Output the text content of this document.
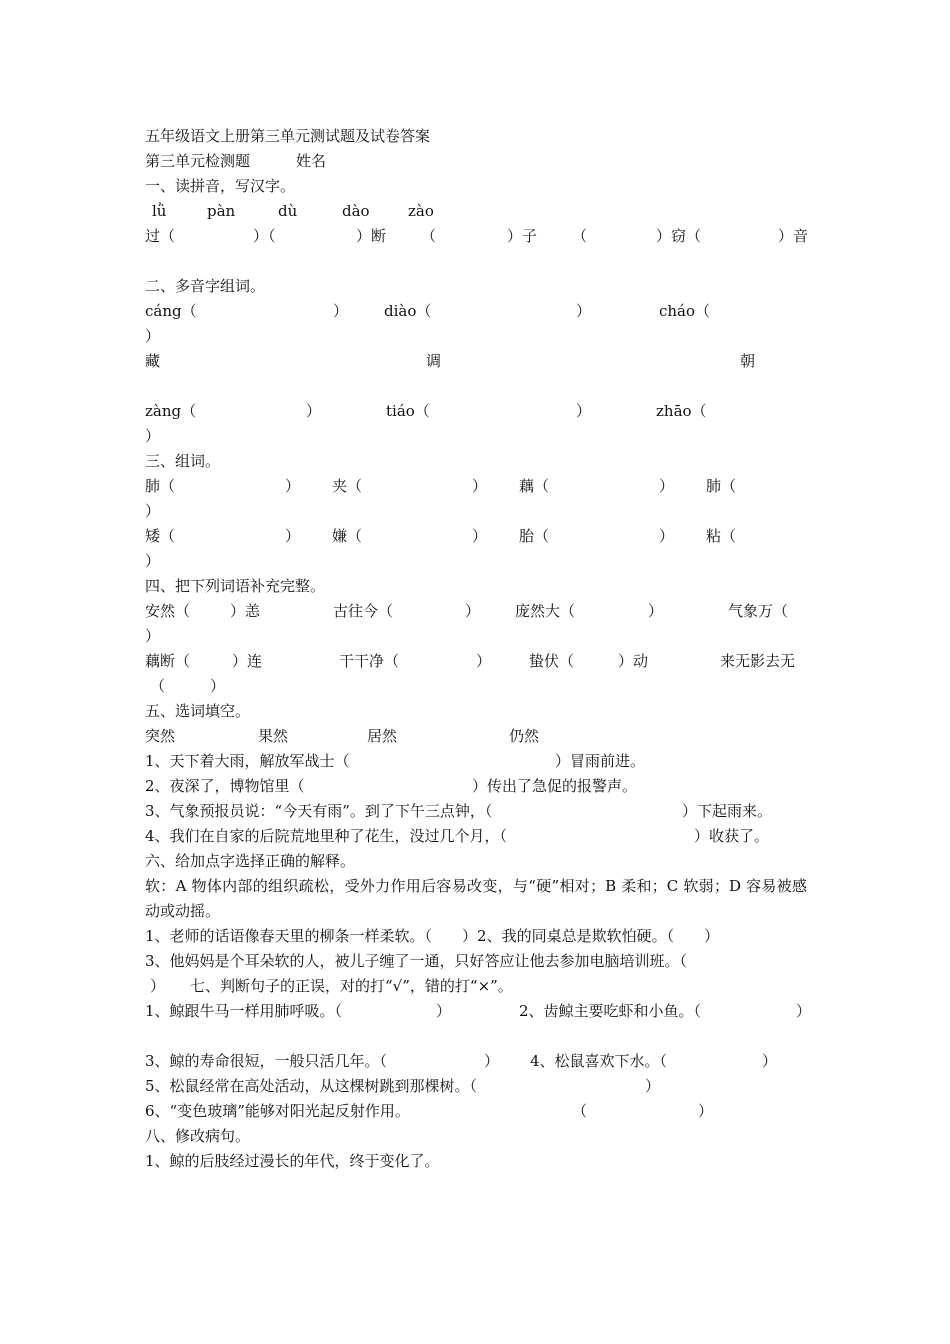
五年级语文上册第三单元测试题及试卷答案
第三单元检测题	姓名
一、读拼音，写汉字。
lǜ	pàn	dù	dào	zào
过（	）（	）断 （	）子 （	）窃（	）音
二、多音字组词。
cáng（	） diào（	）	cháo（
）
藏	调	朝
zàng（	）	tiáo（	）	zhāo（
）
三、组词。
肺（	） 夹（	） 藕（	） 肺（
）
矮（	） 嫌（	） 胎（	） 粘（
）
四、把下列词语补充完整。
安然（	）恙	古往今（	） 庞然大（	）	气象万（
）
藕断（	）连	干干净（	）	蛰伏（	）动	来无影去无
（　　　）
五、选词填空。
突然	果然	居然	仍然
1、天下着大雨，解放军战士（	）冒雨前进。
2、夜深了，博物馆里（	）传出了急促的报警声。
3、气象预报员说：“今天有雨”。到了下午三点钟，（	）下起雨来。
4、我们在自家的后院荒地里种了花生，没过几个月，（	）收获了。
六、给加点字选择正确的解释。
软：A 物体内部的组织疏松，受外力作用后容易改变，与“硬”相对；B 柔和；C 软弱；D 容易被感动或动摇。
1、老师的话语像春天里的柳条一样柔软。（　　）2、我的同桌总是欺软怕硬。（　　）
3、他妈妈是个耳朵软的人，被儿子缠了一通，只好答应让他去参加电脑培训班。（
） 七、判断句子的正误，对的打“√”，错的打“×”。
1、鲸跟牛马一样用肺呼吸。（	）	2、齿鲸主要吃虾和小鱼。（	）
3、鲸的寿命很短，一般只活几年。（	） 4、松鼠喜欢下水。（	）
5、松鼠经常在高处活动，从这棵树跳到那棵树。（	）
6、“变色玻璃”能够对阳光起反射作用。	（	）
八、修改病句。
1、鲸的后肢经过漫长的年代，终于变化了。
